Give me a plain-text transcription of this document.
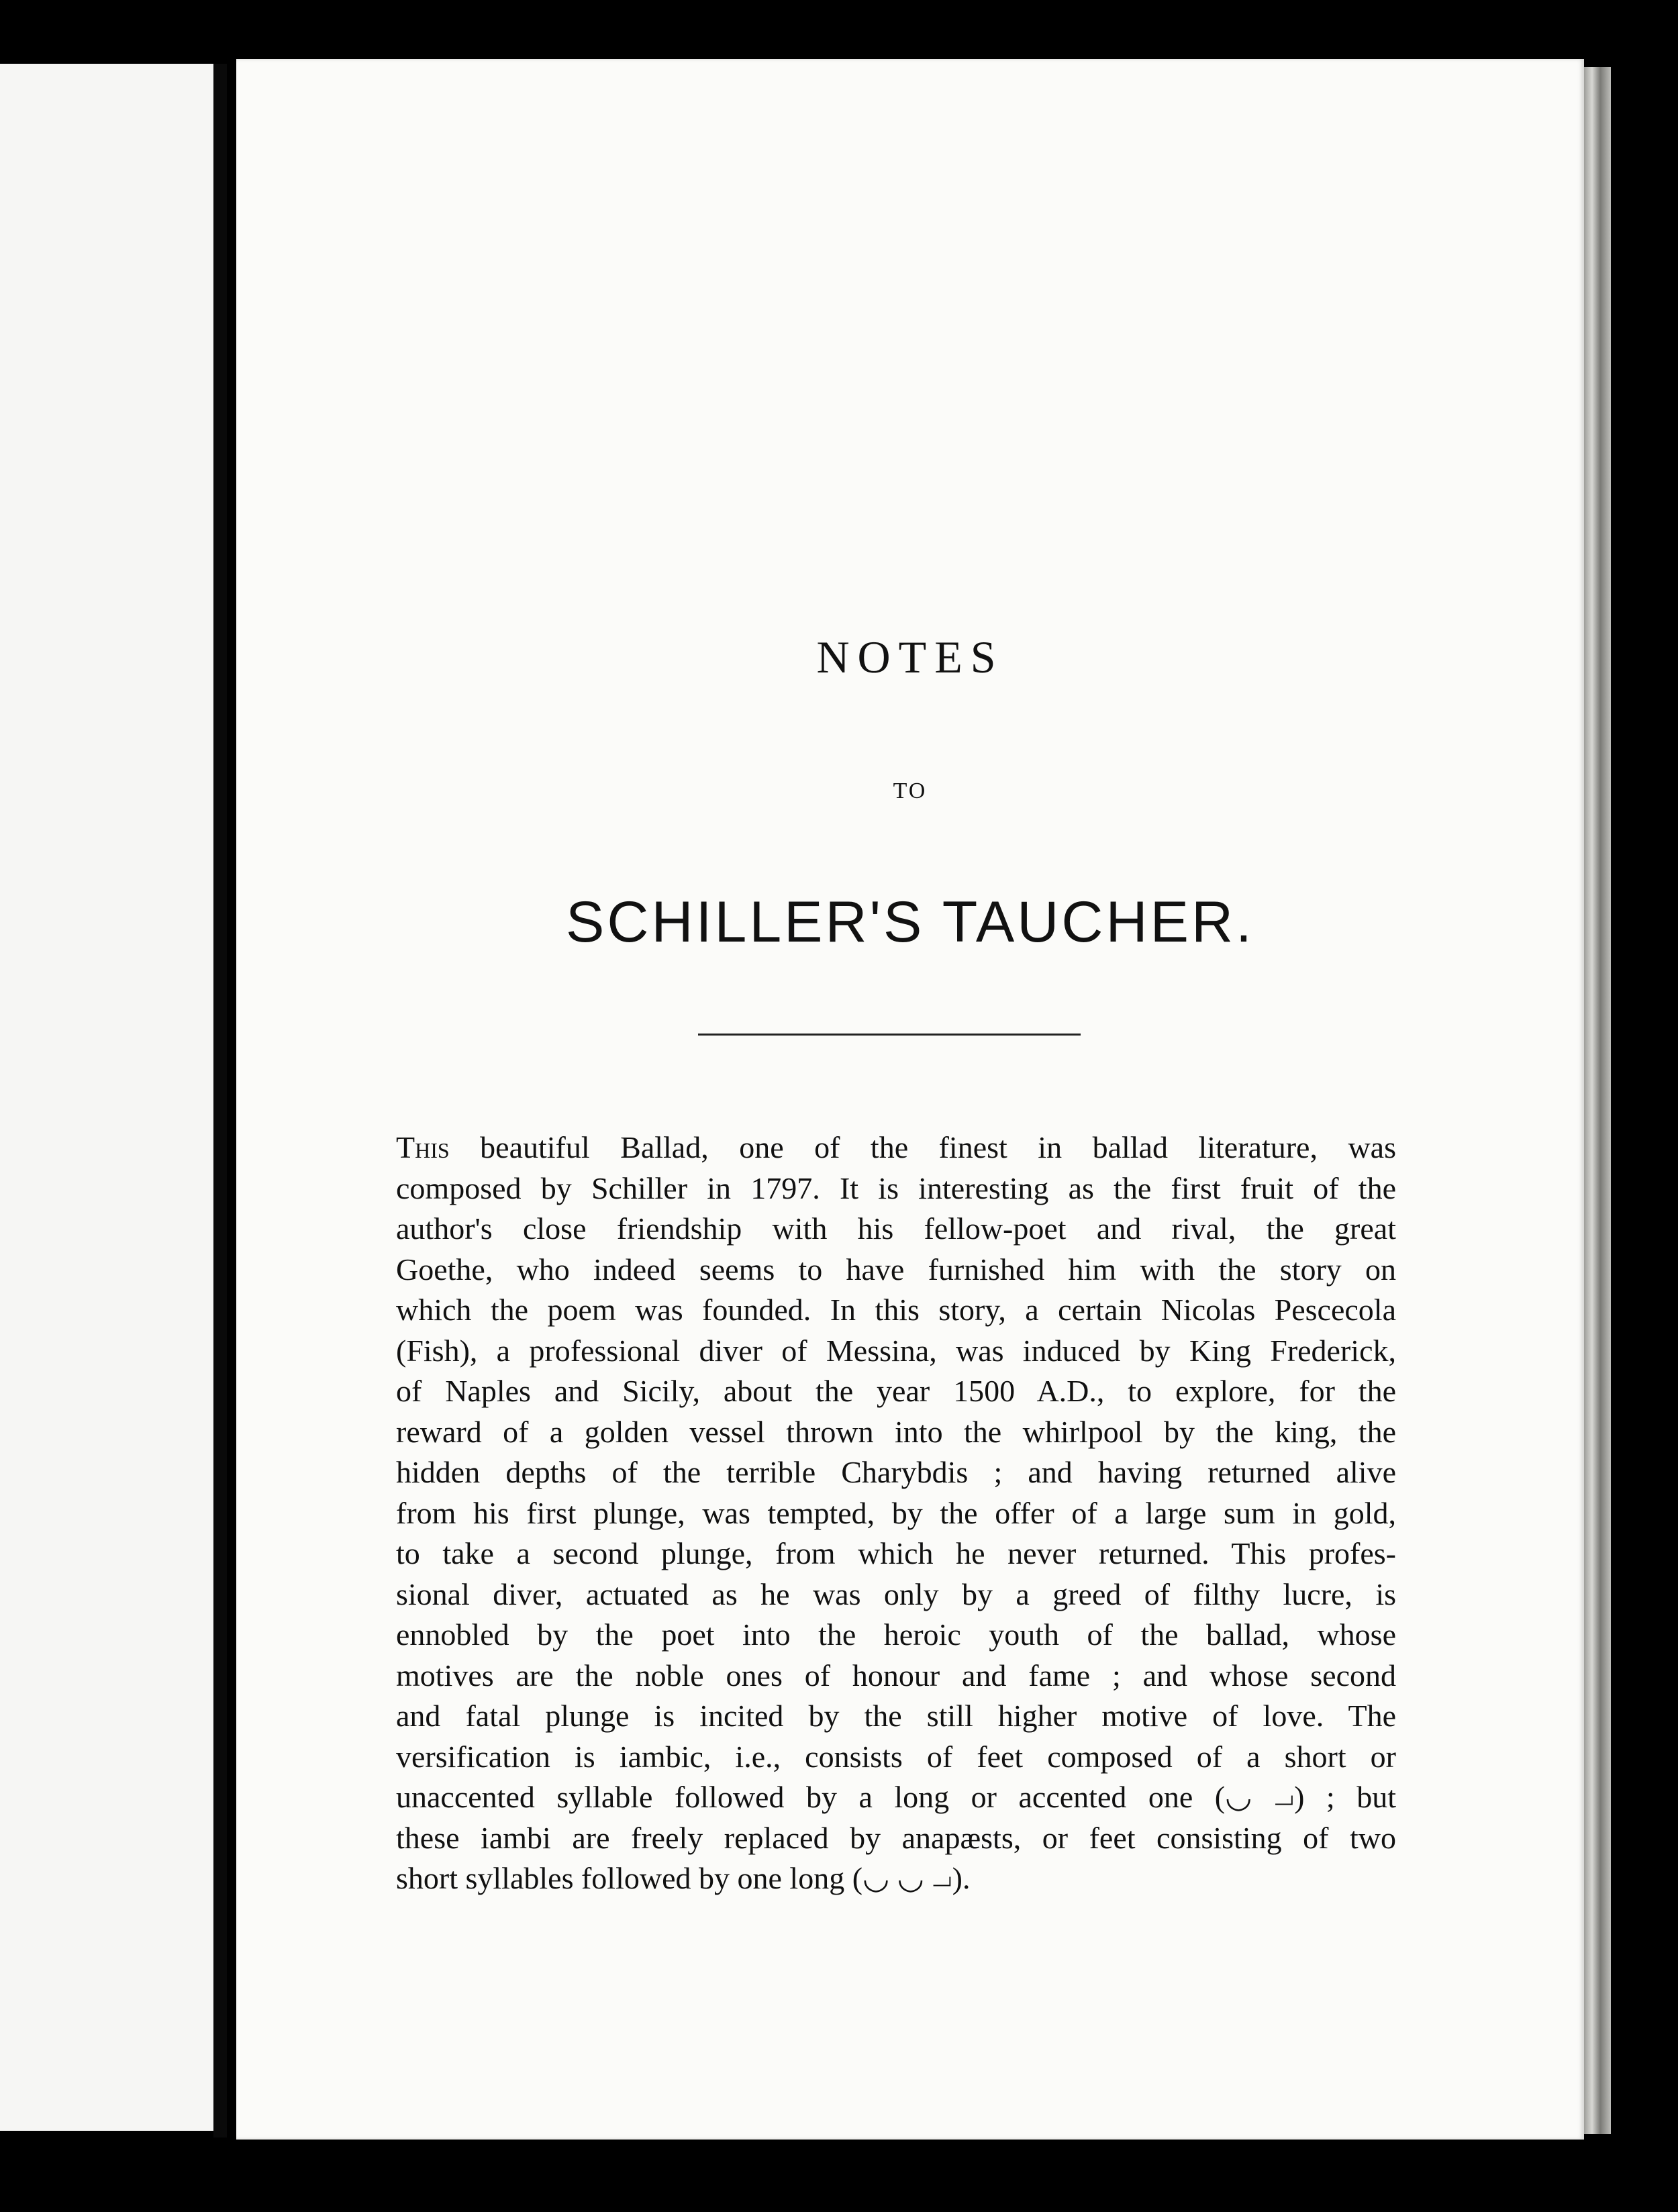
NOTES
TO
SCHILLER'S TAUCHER.
This beautiful Ballad, one of the finest in ballad literature, was
composed by Schiller in 1797. It is interesting as the first fruit of the
author's close friendship with his fellow-poet and rival, the great
Goethe, who indeed seems to have furnished him with the story on
which the poem was founded. In this story, a certain Nicolas Pescecola
(Fish), a professional diver of Messina, was induced by King Frederick,
of Naples and Sicily, about the year 1500 A.D., to explore, for the
reward of a golden vessel thrown into the whirlpool by the king, the
hidden depths of the terrible Charybdis ; and having returned alive
from his first plunge, was tempted, by the offer of a large sum in gold,
to take a second plunge, from which he never returned. This profes-
sional diver, actuated as he was only by a greed of filthy lucre, is
ennobled by the poet into the heroic youth of the ballad, whose
motives are the noble ones of honour and fame ; and whose second
and fatal plunge is incited by the still higher motive of love. The
versification is iambic, i.e., consists of feet composed of a short or
unaccented syllable followed by a long or accented one (◡ ⏗) ; but
these iambi are freely replaced by anapæsts, or feet consisting of two
short syllables followed by one long (◡ ◡ ⏗).
